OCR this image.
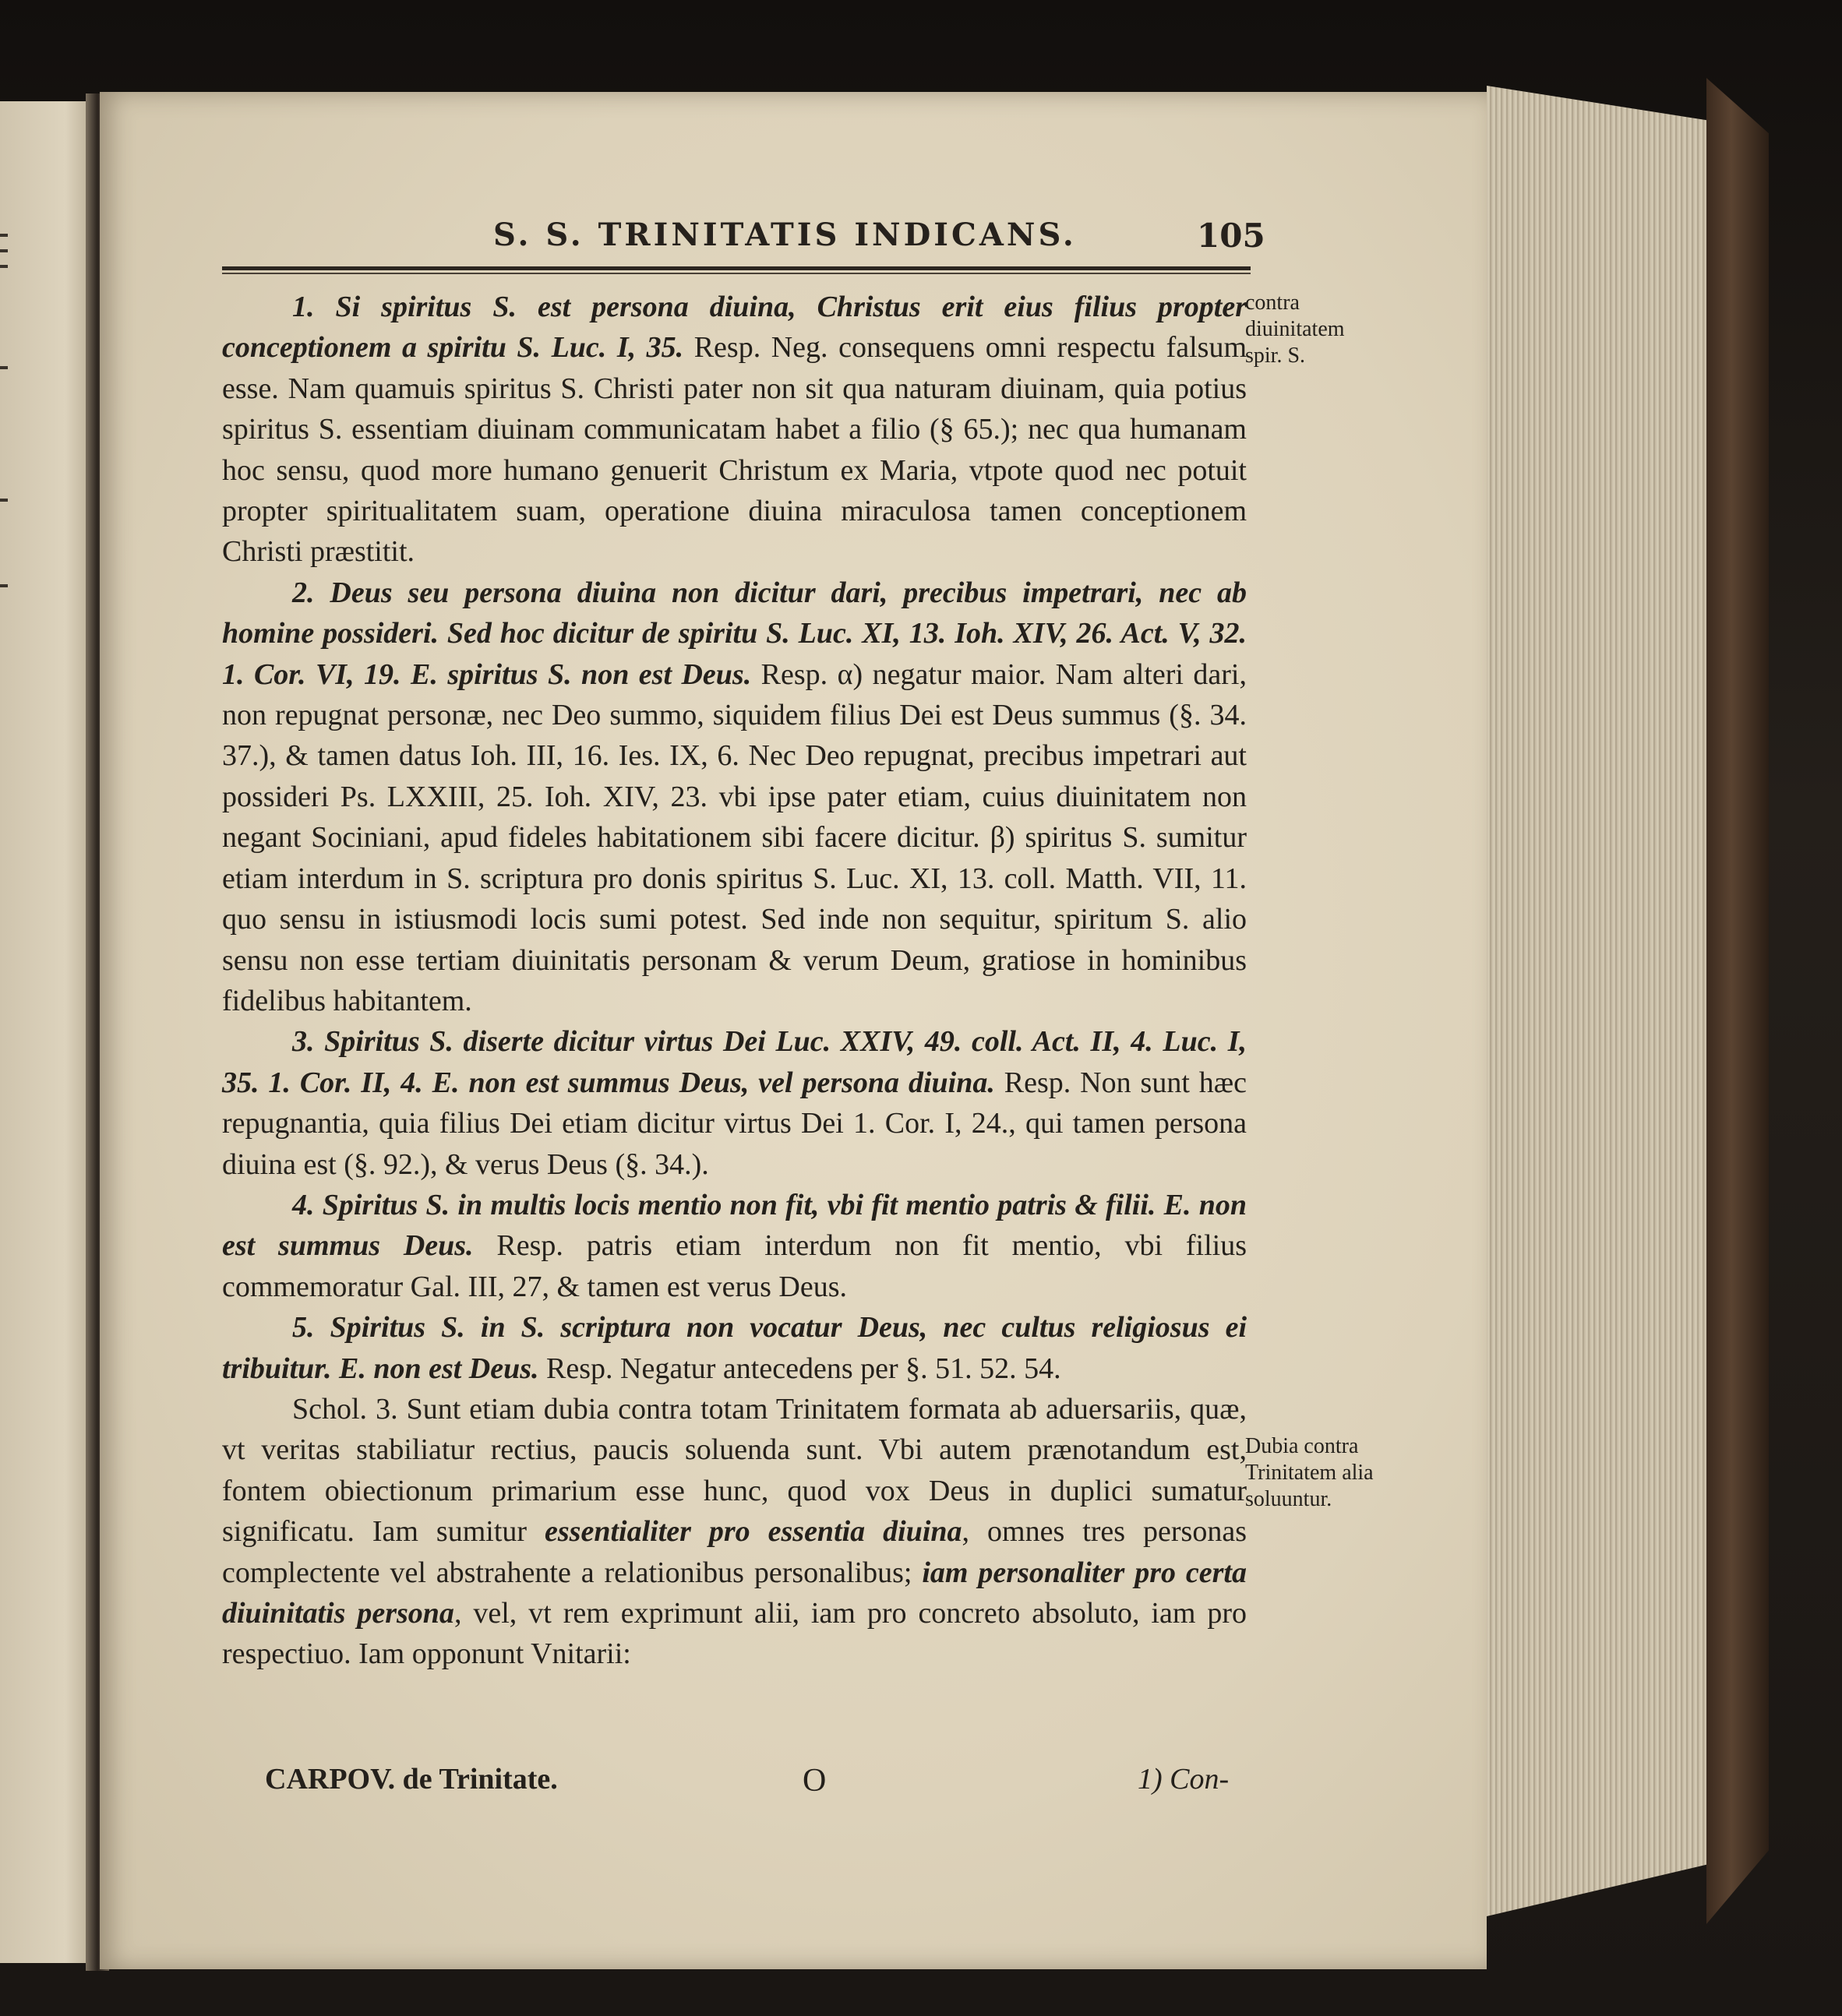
S. S. TRINITATIS INDICANS.	105

1. Si spiritus S. est persona diuina, Christus erit eius filius propter conceptionem a spiritu S. Luc. I, 35. Resp. Neg. consequens omni respectu falsum esse. Nam quamuis spiritus S. Christi pater non sit qua naturam diuinam, quia potius spiritus S. essentiam diuinam communicatam habet a filio (§ 65.); nec qua humanam hoc sensu, quod more humano genuerit Christum ex Maria, vtpote quod nec potuit propter spiritualitatem suam, operatione diuina miraculosa tamen conceptionem Christi præstitit.

2. Deus seu persona diuina non dicitur dari, precibus impetrari, nec ab homine possideri. Sed hoc dicitur de spiritu S. Luc. XI, 13. Ioh. XIV, 26. Act. V, 32. 1. Cor. VI, 19. E. spiritus S. non est Deus. Resp. α) negatur maior. Nam alteri dari, non repugnat personæ, nec Deo summo, siquidem filius Dei est Deus summus (§. 34. 37.), & tamen datus Ioh. III, 16. Ies. IX, 6. Nec Deo repugnat, precibus impetrari aut possideri Ps. LXXIII, 25. Ioh. XIV, 23. vbi ipse pater etiam, cuius diuinitatem non negant Sociniani, apud fideles habitationem sibi facere dicitur. β) spiritus S. sumitur etiam interdum in S. scriptura pro donis spiritus S. Luc. XI, 13. coll. Matth. VII, 11. quo sensu in istiusmodi locis sumi potest. Sed inde non sequitur, spiritum S. alio sensu non esse tertiam diuinitatis personam & verum Deum, gratiose in hominibus fidelibus habitantem.

3. Spiritus S. diserte dicitur virtus Dei Luc. XXIV, 49. coll. Act. II, 4. Luc. I, 35. 1. Cor. II, 4. E. non est summus Deus, vel persona diuina. Resp. Non sunt hæc repugnantia, quia filius Dei etiam dicitur virtus Dei 1. Cor. I, 24., qui tamen persona diuina est (§. 92.), & verus Deus (§. 34.).

4. Spiritus S. in multis locis mentio non fit, vbi fit mentio patris & filii. E. non est summus Deus. Resp. patris etiam interdum non fit mentio, vbi filius commemoratur Gal. III, 27, & tamen est verus Deus.

5. Spiritus S. in S. scriptura non vocatur Deus, nec cultus religiosus ei tribuitur. E. non est Deus. Resp. Negatur antecedens per §. 51. 52. 54.

Schol. 3. Sunt etiam dubia contra totam Trinitatem formata ab aduersariis, quæ, vt veritas stabiliatur rectius, paucis soluenda sunt. Vbi autem prænotandum est, fontem obiectionum primarium esse hunc, quod vox Deus in duplici sumatur significatu. Iam sumitur essentialiter pro essentia diuina, omnes tres personas complectente vel abstrahente a relationibus personalibus; iam personaliter pro certa diuinitatis persona, vel, vt rem exprimunt alii, iam pro concreto absoluto, iam pro respectiuo. Iam opponunt Vnitarii:

contra diuinitatem spir. S.
Dubia contra Trinitatem alia soluuntur.
CARPOV. de Trinitate.	O	1) Con-
